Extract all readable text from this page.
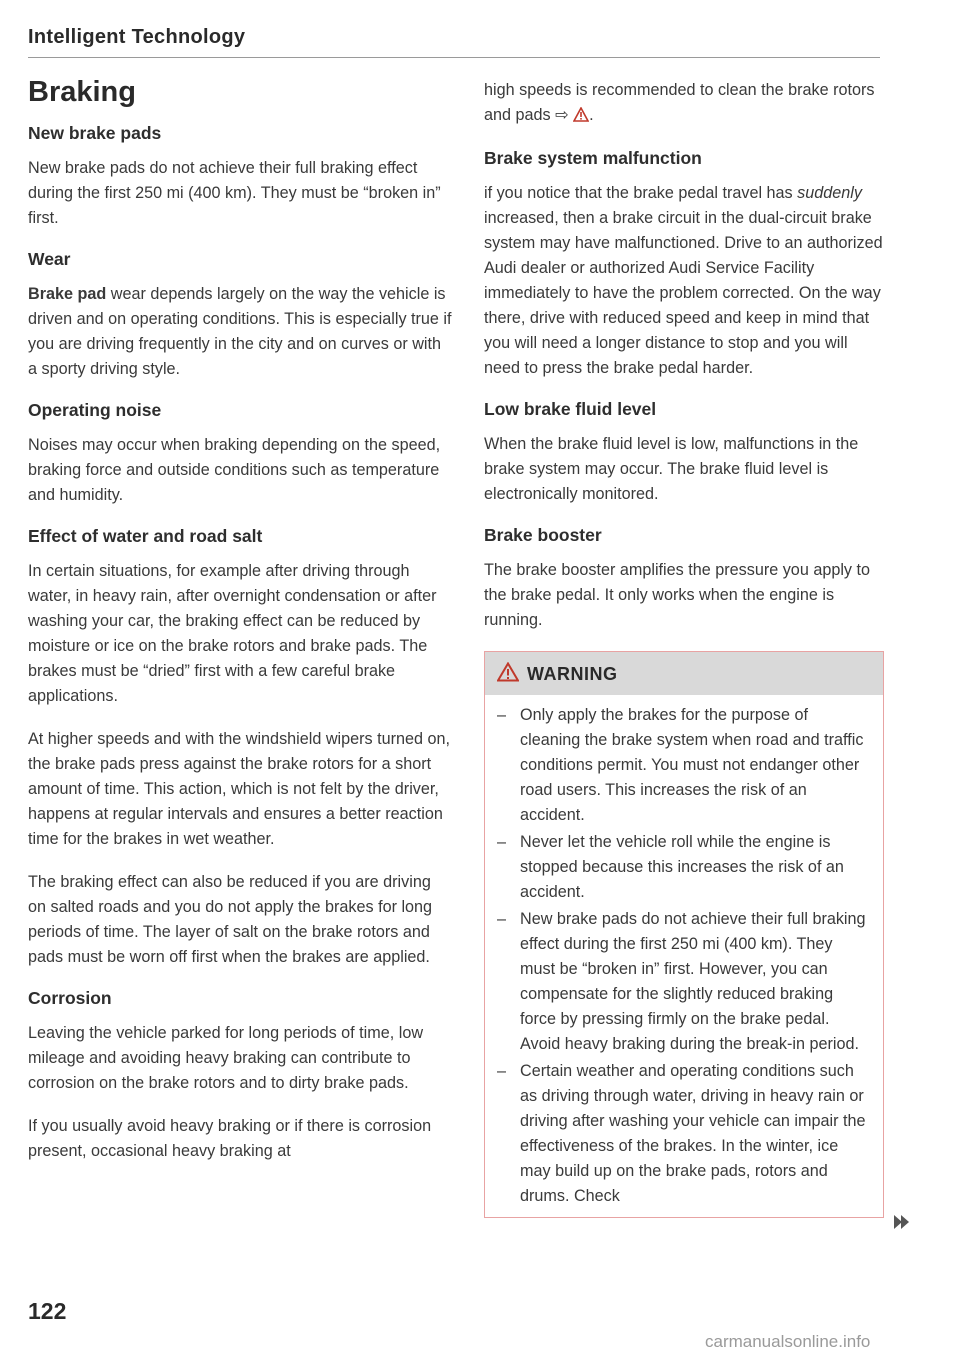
Intelligent Technology
Braking
New brake pads

New brake pads do not achieve their full braking effect during the first 250 mi (400 km). They must be “broken in” first.

Wear

Brake pad wear depends largely on the way the vehicle is driven and on operating conditions. This is especially true if you are driving frequently in the city and on curves or with a sporty driving style.

Operating noise

Noises may occur when braking depending on the speed, braking force and outside conditions such as temperature and humidity.

Effect of water and road salt

In certain situations, for example after driving through water, in heavy rain, after overnight condensation or after washing your car, the braking effect can be reduced by moisture or ice on the brake rotors and brake pads. The brakes must be “dried” first with a few careful brake applications.

At higher speeds and with the windshield wipers turned on, the brake pads press against the brake rotors for a short amount of time. This action, which is not felt by the driver, happens at regular intervals and ensures a better reaction time for the brakes in wet weather.

The braking effect can also be reduced if you are driving on salted roads and you do not apply the brakes for long periods of time. The layer of salt on the brake rotors and pads must be worn off first when the brakes are applied.

Corrosion

Leaving the vehicle parked for long periods of time, low mileage and avoiding heavy braking can contribute to corrosion on the brake rotors and to dirty brake pads.

If you usually avoid heavy braking or if there is corrosion present, occasional heavy braking at

high speeds is recommended to clean the brake rotors and pads ⇨ .

Brake system malfunction

if you notice that the brake pedal travel has suddenly increased, then a brake circuit in the dual-circuit brake system may have malfunctioned. Drive to an authorized Audi dealer or authorized Audi Service Facility immediately to have the problem corrected. On the way there, drive with reduced speed and keep in mind that you will need a longer distance to stop and you will need to press the brake pedal harder.

Low brake fluid level

When the brake fluid level is low, malfunctions in the brake system may occur. The brake fluid level is electronically monitored.

Brake booster

The brake booster amplifies the pressure you apply to the brake pedal. It only works when the engine is running.

WARNING
– Only apply the brakes for the purpose of cleaning the brake system when road and traffic conditions permit. You must not endanger other road users. This increases the risk of an accident.
– Never let the vehicle roll while the engine is stopped because this increases the risk of an accident.
– New brake pads do not achieve their full braking effect during the first 250 mi (400 km). They must be “broken in” first. However, you can compensate for the slightly reduced braking force by pressing firmly on the brake pedal. Avoid heavy braking during the break-in period.
– Certain weather and operating conditions such as driving through water, driving in heavy rain or driving after washing your vehicle can impair the effectiveness of the brakes. In the winter, ice may build up on the brake pads, rotors and drums. Check
122
carmanualsonline.info
